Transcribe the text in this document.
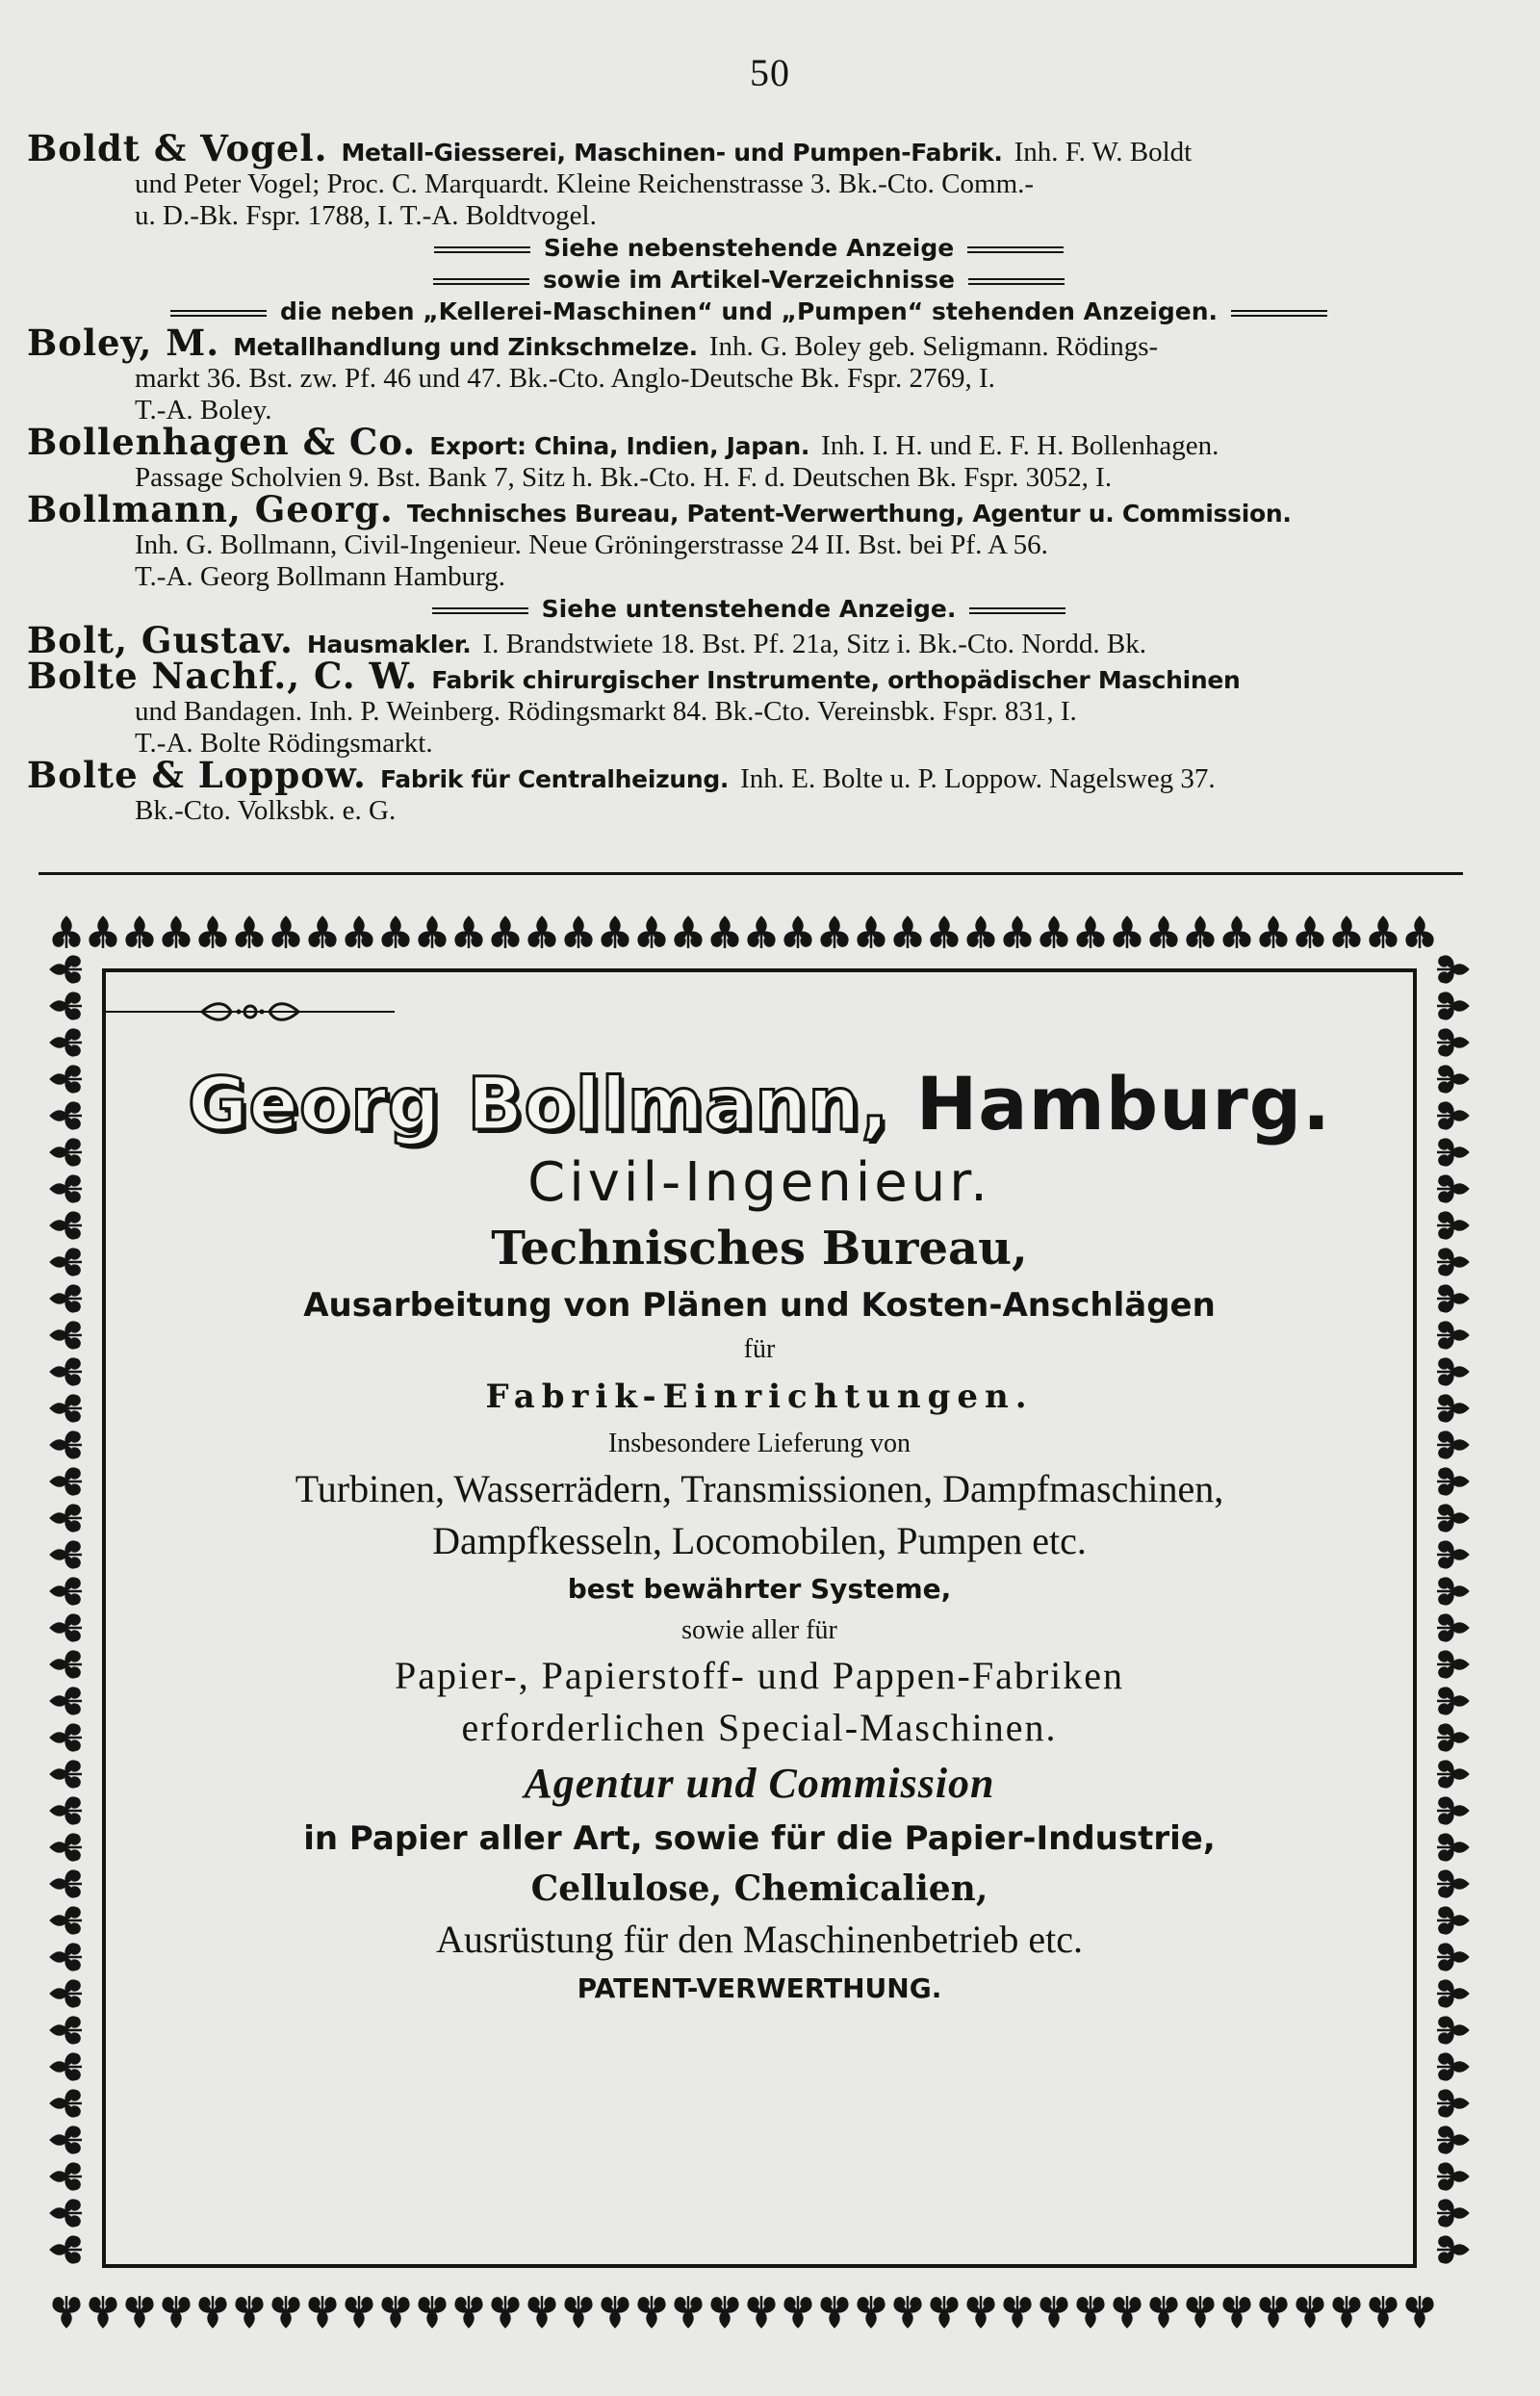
50
Boldt & Vogel. Metall-Giesserei, Maschinen- und Pumpen-Fabrik. Inh. F. W. Boldt
und Peter Vogel; Proc. C. Marquardt. Kleine Reichenstrasse 3. Bk.-Cto. Comm.-
u. D.-Bk. Fspr. 1788, I. T.-A. Boldtvogel.
Siehe nebenstehende Anzeige
sowie im Artikel-Verzeichnisse
die neben „Kellerei-Maschinen“ und „Pumpen“ stehenden Anzeigen.
Boley, M. Metallhandlung und Zinkschmelze. Inh. G. Boley geb. Seligmann. Rödings-
markt 36. Bst. zw. Pf. 46 und 47. Bk.-Cto. Anglo-Deutsche Bk. Fspr. 2769, I.
T.-A. Boley.
Bollenhagen & Co. Export: China, Indien, Japan. Inh. I. H. und E. F. H. Bollenhagen.
Passage Scholvien 9. Bst. Bank 7, Sitz h. Bk.-Cto. H. F. d. Deutschen Bk. Fspr. 3052, I.
Bollmann, Georg. Technisches Bureau, Patent-Verwerthung, Agentur u. Commission.
Inh. G. Bollmann, Civil-Ingenieur. Neue Gröningerstrasse 24 II. Bst. bei Pf. A 56.
T.-A. Georg Bollmann Hamburg.
Siehe untenstehende Anzeige.
Bolt, Gustav. Hausmakler. I. Brandstwiete 18. Bst. Pf. 21a, Sitz i. Bk.-Cto. Nordd. Bk.
Bolte Nachf., C. W. Fabrik chirurgischer Instrumente, orthopädischer Maschinen
und Bandagen. Inh. P. Weinberg. Rödingsmarkt 84. Bk.-Cto. Vereinsbk. Fspr. 831, I.
T.-A. Bolte Rödingsmarkt.
Bolte & Loppow. Fabrik für Centralheizung. Inh. E. Bolte u. P. Loppow. Nagelsweg 37.
Bk.-Cto. Volksbk. e. G.
Georg Bollmann, Hamburg.
Civil-Ingenieur.
Technisches Bureau,
Ausarbeitung von Plänen und Kosten-Anschlägen
für
Fabrik-Einrichtungen.
Insbesondere Lieferung von
Turbinen, Wasserrädern, Transmissionen, Dampfmaschinen,
Dampfkesseln, Locomobilen, Pumpen etc.
best bewährter Systeme,
sowie aller für
Papier-, Papierstoff- und Pappen-Fabriken
erforderlichen Special-Maschinen.
Agentur und Commission
in Papier aller Art, sowie für die Papier-Industrie,
Cellulose, Chemicalien,
Ausrüstung für den Maschinenbetrieb etc.
PATENT-VERWERTHUNG.
